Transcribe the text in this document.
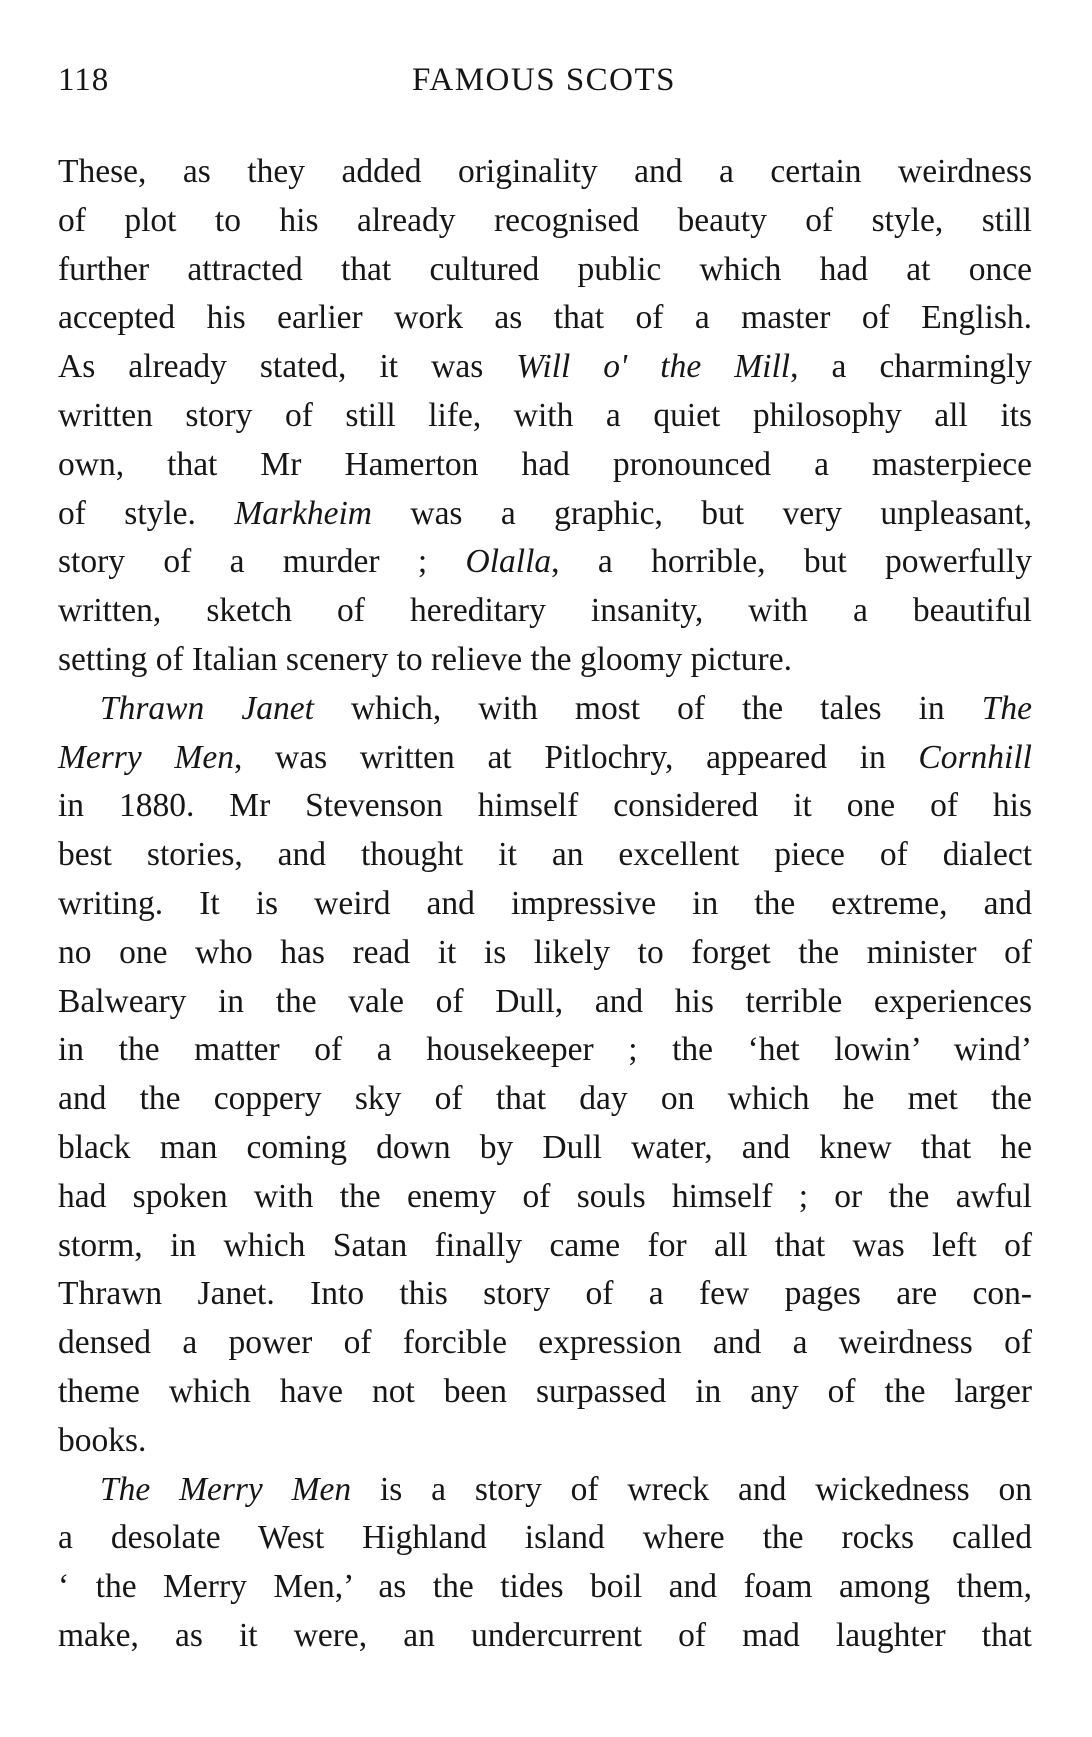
118	FAMOUS SCOTS
These, as they added originality and a certain weirdness
of plot to his already recognised beauty of style, still
further attracted that cultured public which had at once
accepted his earlier work as that of a master of English.
As already stated, it was Will o' the Mill, a charmingly
written story of still life, with a quiet philosophy all its
own, that Mr Hamerton had pronounced a masterpiece
of style. Markheim was a graphic, but very unpleasant,
story of a murder ; Olalla, a horrible, but powerfully
written, sketch of hereditary insanity, with a beautiful
setting of Italian scenery to relieve the gloomy picture.
Thrawn Janet which, with most of the tales in The
Merry Men, was written at Pitlochry, appeared in Cornhill
in 1880. Mr Stevenson himself considered it one of his
best stories, and thought it an excellent piece of dialect
writing. It is weird and impressive in the extreme, and
no one who has read it is likely to forget the minister of
Balweary in the vale of Dull, and his terrible experiences
in the matter of a housekeeper ; the ‘het lowin’ wind’
and the coppery sky of that day on which he met the
black man coming down by Dull water, and knew that he
had spoken with the enemy of souls himself ; or the awful
storm, in which Satan finally came for all that was left of
Thrawn Janet. Into this story of a few pages are con-
densed a power of forcible expression and a weirdness of
theme which have not been surpassed in any of the larger
books.
The Merry Men is a story of wreck and wickedness on
a desolate West Highland island where the rocks called
‘ the Merry Men,’ as the tides boil and foam among them,
make, as it were, an undercurrent of mad laughter that
